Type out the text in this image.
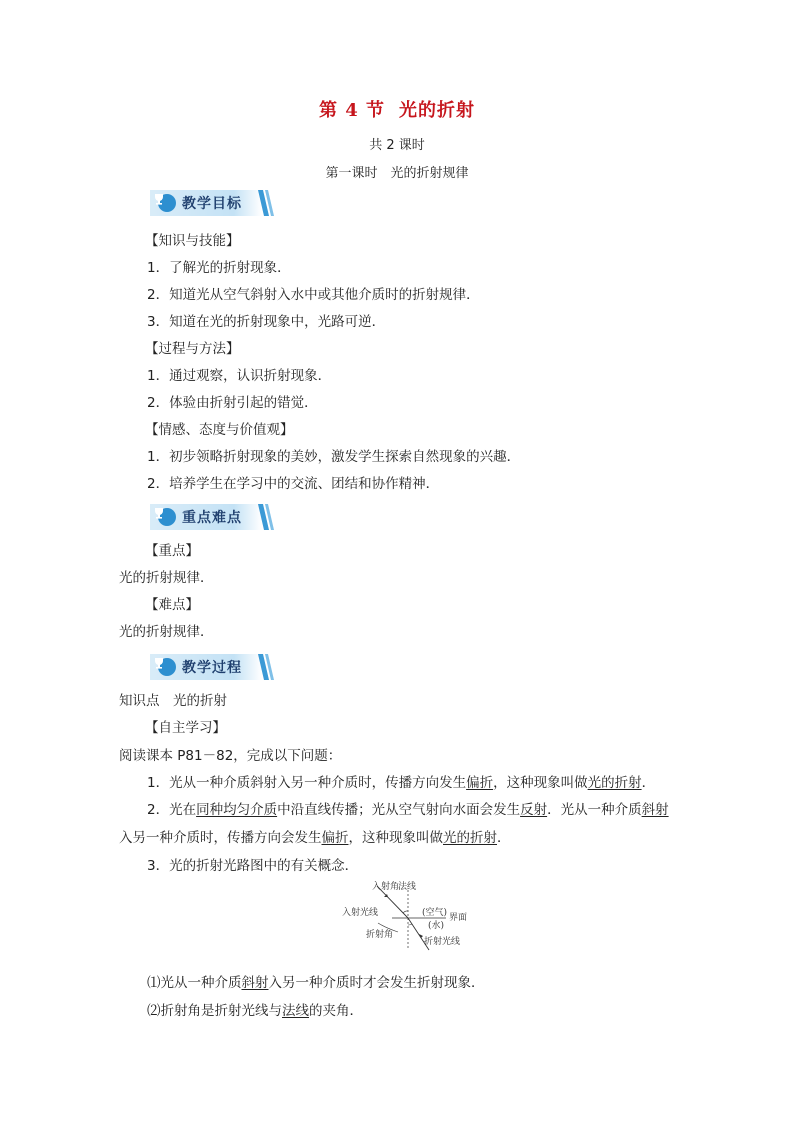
第 4 节 光的折射

共 2 课时

第一课时　光的折射规律

教学目标

【知识与技能】

1．了解光的折射现象．

2．知道光从空气斜射入水中或其他介质时的折射规律．

3．知道在光的折射现象中，光路可逆．

【过程与方法】

1．通过观察，认识折射现象．

2．体验由折射引起的错觉．

【情感、态度与价值观】

1．初步领略折射现象的美妙，激发学生探索自然现象的兴趣．

2．培养学生在学习中的交流、团结和协作精神．

重点难点

【重点】

光的折射规律．

【难点】

光的折射规律．

教学过程

知识点　光的折射

【自主学习】

阅读课本 P81－82，完成以下问题：

1．光从一种介质斜射入另一种介质时，传播方向发生偏折，这种现象叫做光的折射．

2．光在同种均匀介质中沿直线传播；光从空气射向水面会发生反射．光从一种介质斜射

入另一种介质时，传播方向会发生偏折，这种现象叫做光的折射．

3．光的折射光路图中的有关概念．

入射角
法线
入射光线	(空气) 界面
(水)
折射角
折射光线

⑴光从一种介质斜射入另一种介质时才会发生折射现象．

⑵折射角是折射光线与法线的夹角．
